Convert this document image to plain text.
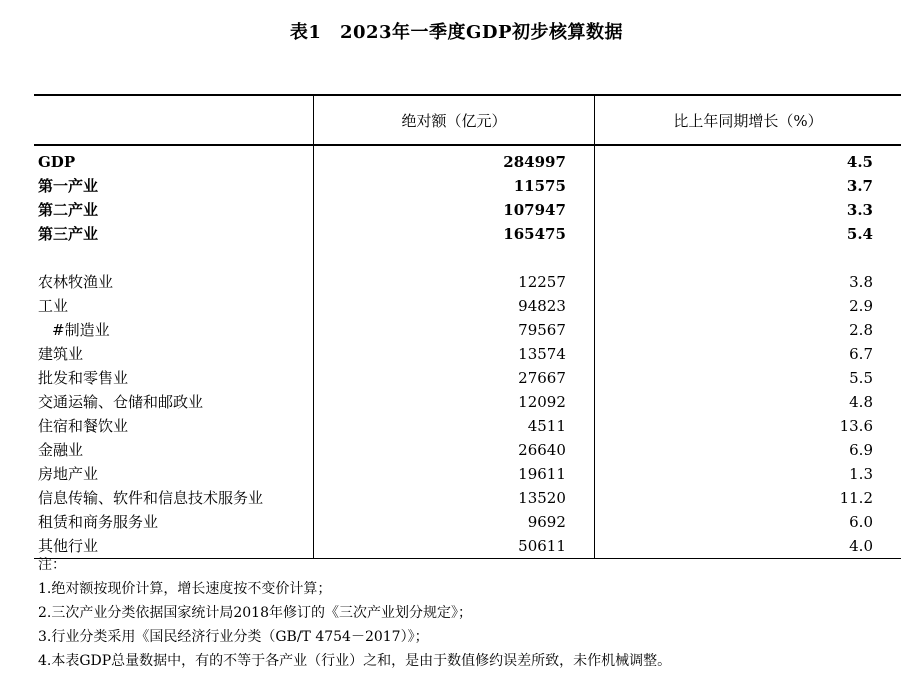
表1　2023年一季度GDP初步核算数据
	绝对额（亿元）	比上年同期增长（%）
GDP	284997	4.5
第一产业	11575	3.7
第二产业	107947	3.3
第三产业	165475	5.4

农林牧渔业	12257	3.8
工业	94823	2.9
#制造业	79567	2.8
建筑业	13574	6.7
批发和零售业	27667	5.5
交通运输、仓储和邮政业	12092	4.8
住宿和餐饮业	4511	13.6
金融业	26640	6.9
房地产业	19611	1.3
信息传输、软件和信息技术服务业	13520	11.2
租赁和商务服务业	9692	6.0
其他行业	50611	4.0
注：
1.绝对额按现价计算，增长速度按不变价计算；
2.三次产业分类依据国家统计局2018年修订的《三次产业划分规定》；
3.行业分类采用《国民经济行业分类（GB/T 4754－2017）》；
4.本表GDP总量数据中，有的不等于各产业（行业）之和，是由于数值修约误差所致，未作机械调整。
